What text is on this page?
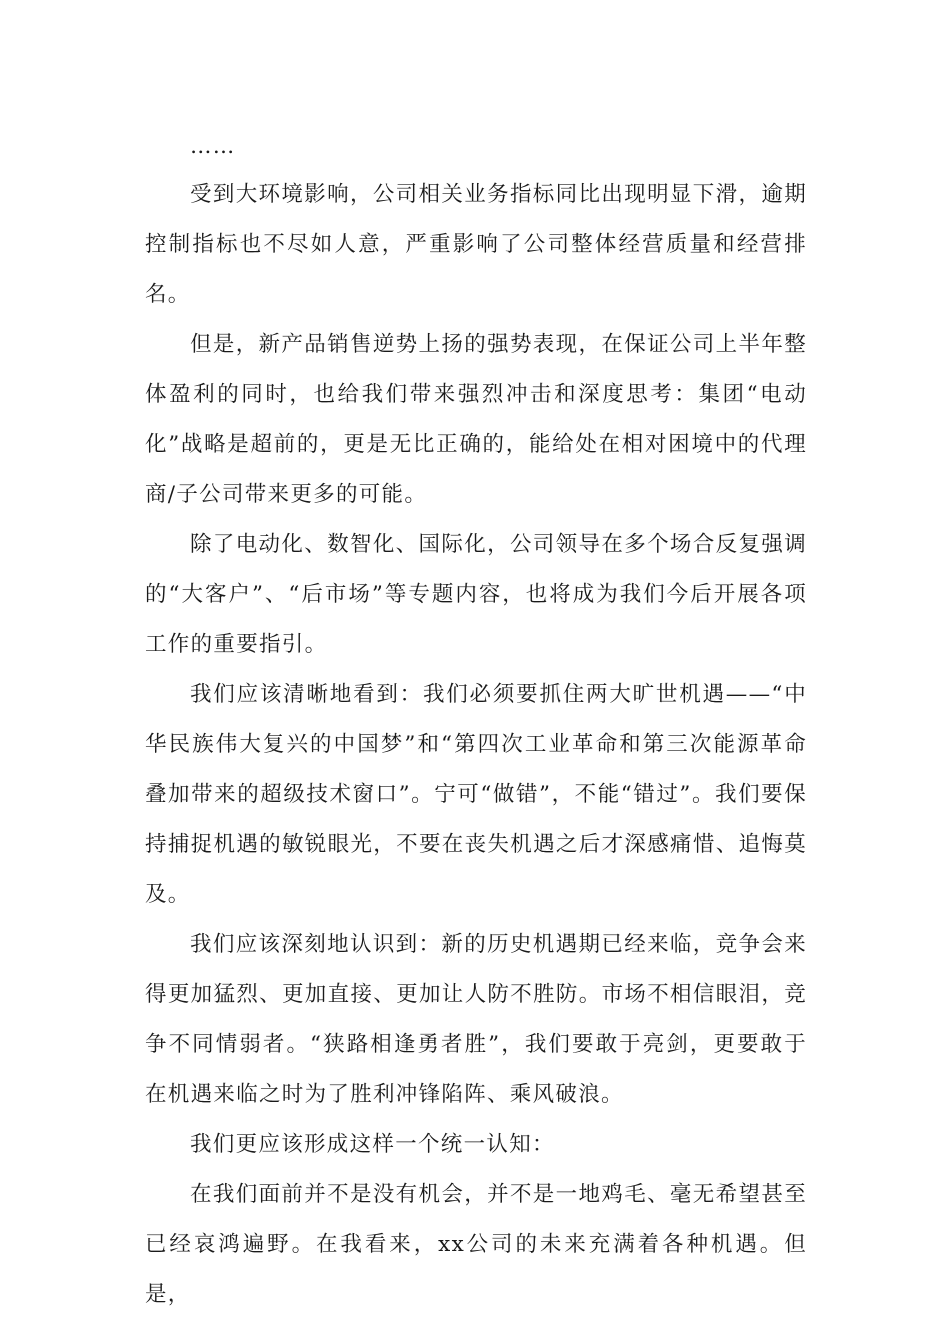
……

受到大环境影响，公司相关业务指标同比出现明显下滑，逾期控制指标也不尽如人意，严重影响了公司整体经营质量和经营排名。

但是，新产品销售逆势上扬的强势表现，在保证公司上半年整体盈利的同时，也给我们带来强烈冲击和深度思考：集团“电动化”战略是超前的，更是无比正确的，能给处在相对困境中的代理商/子公司带来更多的可能。

除了电动化、数智化、国际化，公司领导在多个场合反复强调的“大客户”、“后市场”等专题内容，也将成为我们今后开展各项工作的重要指引。

我们应该清晰地看到：我们必须要抓住两大旷世机遇——“中华民族伟大复兴的中国梦”和“第四次工业革命和第三次能源革命叠加带来的超级技术窗口”。宁可“做错”，不能“错过”。我们要保持捕捉机遇的敏锐眼光，不要在丧失机遇之后才深感痛惜、追悔莫及。

我们应该深刻地认识到：新的历史机遇期已经来临，竞争会来得更加猛烈、更加直接、更加让人防不胜防。市场不相信眼泪，竞争不同情弱者。“狭路相逢勇者胜”，我们要敢于亮剑，更要敢于在机遇来临之时为了胜利冲锋陷阵、乘风破浪。

我们更应该形成这样一个统一认知：

在我们面前并不是没有机会，并不是一地鸡毛、毫无希望甚至已经哀鸿遍野。在我看来，xx公司的未来充满着各种机遇。但是，
